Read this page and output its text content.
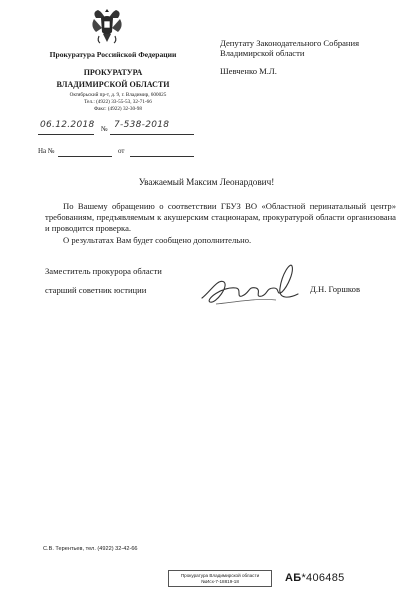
Прокуратура Российской Федерации
ПРОКУРАТУРА
ВЛАДИМИРСКОЙ ОБЛАСТИ
Октябрьский пр-т, д. 9, г. Владимир, 600025
Тел.: (4922) 33-55-53, 32-71-66
Факс: (4922) 32-30-98
Депутату Законодательного Собрания
Владимирской области
Шевченко М.Л.
06.12.2018 № 7-538-2018
На №	от
Уважаемый Максим Леонардович!

По Вашему обращению о соответствии ГБУЗ ВО «Областной перинатальный центр» требованиям, предъявляемым к акушерским стационарам, прокуратурой области организована и проводится проверка.

О результатах Вам будет сообщено дополнительно.

Заместитель прокурора области
старший советник юстиции	Д.Н. Горшков
С.В. Терентьев, тел. (4922) 32-42-66
Прокуратура Владимирской области
№Исх-7-18819-18	АБ*406485
